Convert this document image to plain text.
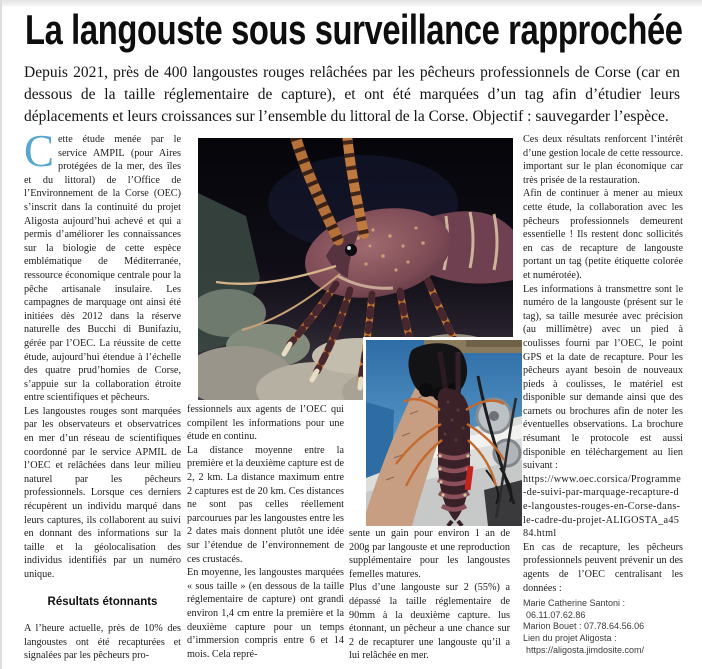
La langouste sous surveillance rapprochée

Depuis 2021, près de 400 langoustes rouges relâchées par les pêcheurs professionnels de Corse (car en dessous de la taille réglementaire de capture), et ont été marquées d’un tag afin d’étudier leurs déplacements et leurs croissances sur l’ensemble du littoral de la Corse. Objectif : sauvegarder l’espèce.

Cette étude menée par le service AMPIL (pour Aires protégées de la mer, des îles et du littoral) de l’Office de l’Environnement de la Corse (OEC) s’inscrit dans la continuité du projet Aligosta aujourd’hui achevé et qui a permis d’améliorer les connaissances sur la biologie de cette espèce emblématique de Méditerranée, ressource économique centrale pour la pêche artisanale insulaire. Les campagnes de marquage ont ainsi été initiées dès 2012 dans la réserve naturelle des Bucchi di Bunifaziu, gérée par l’OEC. La réussite de cette étude, aujourd’hui étendue à l’échelle des quatre prud’homies de Corse, s’appuie sur la collaboration étroite entre scientifiques et pêcheurs.

Les langoustes rouges sont marquées par les observateurs et observatrices en mer d’un réseau de scientifiques coordonné par le service APMIL de l’OEC et relâchées dans leur milieu naturel par les pêcheurs professionnels. Lorsque ces derniers récupèrent un individu marqué dans leurs captures, ils collaborent au suivi en donnant des informations sur la taille et la géolocalisation des individus identifiés par un numéro unique.

Résultats étonnants

A l’heure actuelle, près de 10% des langoustes ont été recapturées et signalées par les pêcheurs pro-

fessionnels aux agents de l’OEC qui compilent les informations pour une étude en continu.

La distance moyenne entre la première et la deuxième capture est de 2, 2 km. La distance maximum entre 2 captures est de 20 km. Ces distances ne sont pas celles réellement parcourues par les langoustes entre les 2 dates mais donnent plutôt une idée sur l’étendue de l’environnement de ces crustacés.

En moyenne, les langoustes marquées « sous taille » (en dessous de la taille réglementaire de capture) ont grandi environ 1,4 cm entre la première et la deuxième capture pour un temps d’immersion compris entre 6 et 14 mois. Cela repré-

sente un gain pour environ 1 an de 200g par langouste et une reproduction supplémentaire pour les langoustes femelles matures.

Plus d’une langouste sur 2 (55%) a dépassé la taille réglementaire de 90mm à la deuxième capture. lus étonnant, un pêcheur a une chance sur 2 de recapturer une langouste qu’il a lui relâchée en mer.

Ces deux résultats renforcent l’intérêt d’une gestion locale de cette ressource. important sur le plan économique car très prisée de la restauration.

Afin de continuer à mener au mieux cette étude, la collaboration avec les pêcheurs professionnels demeurent essentielle ! Ils restent donc sollicités en cas de recapture de langouste portant un tag (petite étiquette colorée et numérotée).

Les informations à transmettre sont le numéro de la langouste (présent sur le tag), sa taille mesurée avec précision (au millimètre) avec un pied à coulisses fourni par l’OEC, le point GPS et la date de recapture. Pour les pêcheurs ayant besoin de nouveaux pieds à coulisses, le matériel est disponible sur demande ainsi que des carnets ou brochures afin de noter les éventuelles observations. La brochure résumant le protocole est aussi disponible en téléchargement au lien suivant :

https://www.oec.corsica/Programme-de-suivi-par-marquage-recapture-de-langoustes-rouges-en-Corse-dans-le-cadre-du-projet-ALIGOSTA_a4584.html

En cas de recapture, les pêcheurs professionnels peuvent prévenir un des agents de l’OEC centralisant les données :

Marie Catherine Santoni :
06.11.07.62.86
Marion Bouet : 07.78.64.56.06
Lien du projet Aligosta :
https://aligosta.jimdosite.com/
